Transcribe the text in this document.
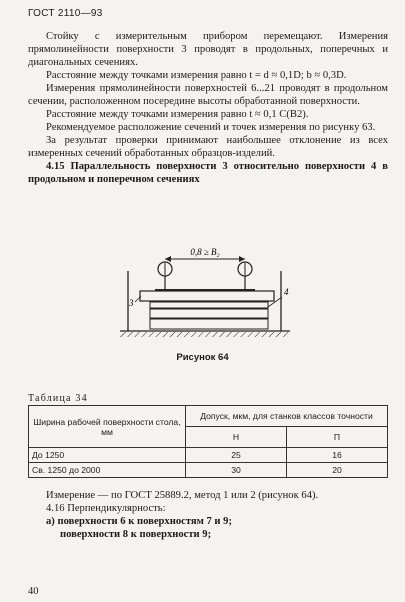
ГОСТ 2110—93

Стойку с измерительным прибором перемещают. Измерения прямолинейности поверхности 3 проводят в продольных, поперечных и диагональных сечениях.

Расстояние между точками измерения равно t = d ≈ 0,1D; b ≈ 0,3D.

Измерения прямолинейности поверхностей 6...21 проводят в продольном сечении, расположенном посередине высоты обработанной поверхности.

Расстояние между точками измерения равно t ≈ 0,1 C(B2).

Рекомендуемое расположение сечений и точек измерения по рисунку 63.

За результат проверки принимают наибольшее отклонение из всех измеренных сечений обработанных образцов-изделий.

4.15 Параллельность поверхности 3 относительно поверхности 4 в продольном и поперечном сечениях

0,8 ≥ B₂
4
3
Рисунок 64
Таблица 34
Ширина рабочей поверхности стола, мм	Допуск, мкм, для станков классов точности	
	Н	П
До 1250	25	16
Св. 1250 до 2000	30	20

Измерение — по ГОСТ 25889.2, метод 1 или 2 (рисунок 64).

4.16 Перпендикулярность:

а) поверхности 6 к поверхностям 7 и 9;

поверхности 8 к поверхности 9;

40
